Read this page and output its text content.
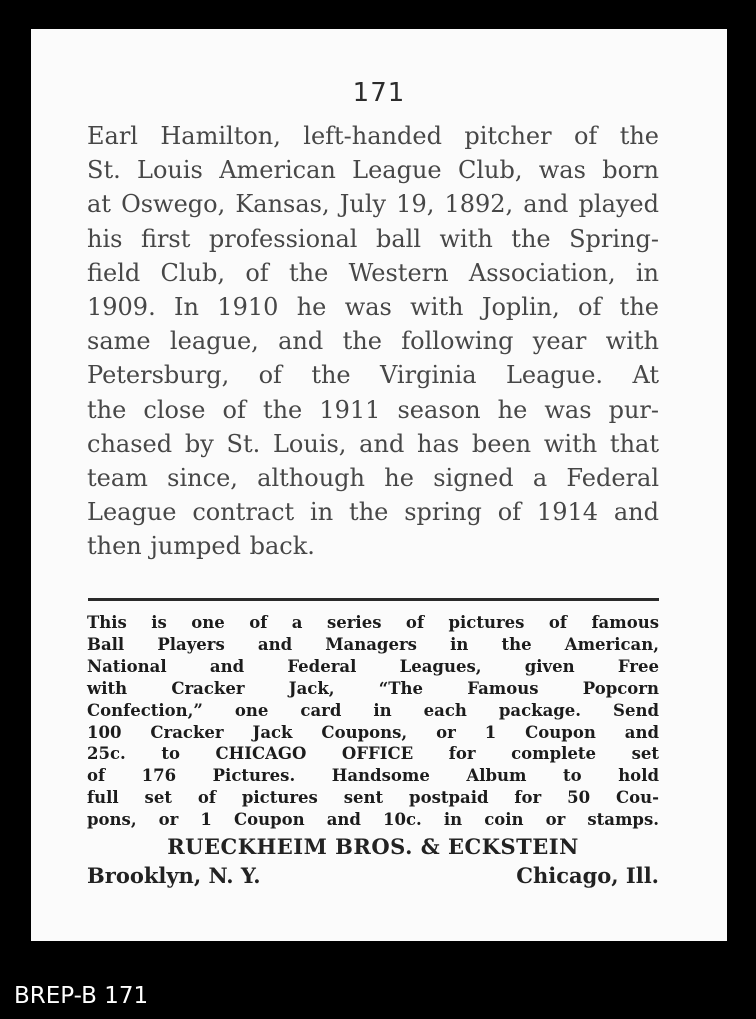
171
Earl Hamilton, left-handed pitcher of the
St. Louis American League Club, was born
at Oswego, Kansas, July 19, 1892, and played
his first professional ball with the Spring-
field Club, of the Western Association, in
1909. In 1910 he was with Joplin, of the
same league, and the following year with
Petersburg, of the Virginia League. At
the close of the 1911 season he was pur-
chased by St. Louis, and has been with that
team since, although he signed a Federal
League contract in the spring of 1914 and
then jumped back.
This is one of a series of pictures of famous
Ball Players and Managers in the American,
National and Federal Leagues, given Free
with Cracker Jack, “The Famous Popcorn
Confection,” one card in each package. Send
100 Cracker Jack Coupons, or 1 Coupon and
25c. to CHICAGO OFFICE for complete set
of 176 Pictures. Handsome Album to hold
full set of pictures sent postpaid for 50 Cou-
pons, or 1 Coupon and 10c. in coin or stamps.
RUECKHEIM BROS. & ECKSTEIN
Brooklyn, N. Y.	Chicago, Ill.
BREP-B 171
